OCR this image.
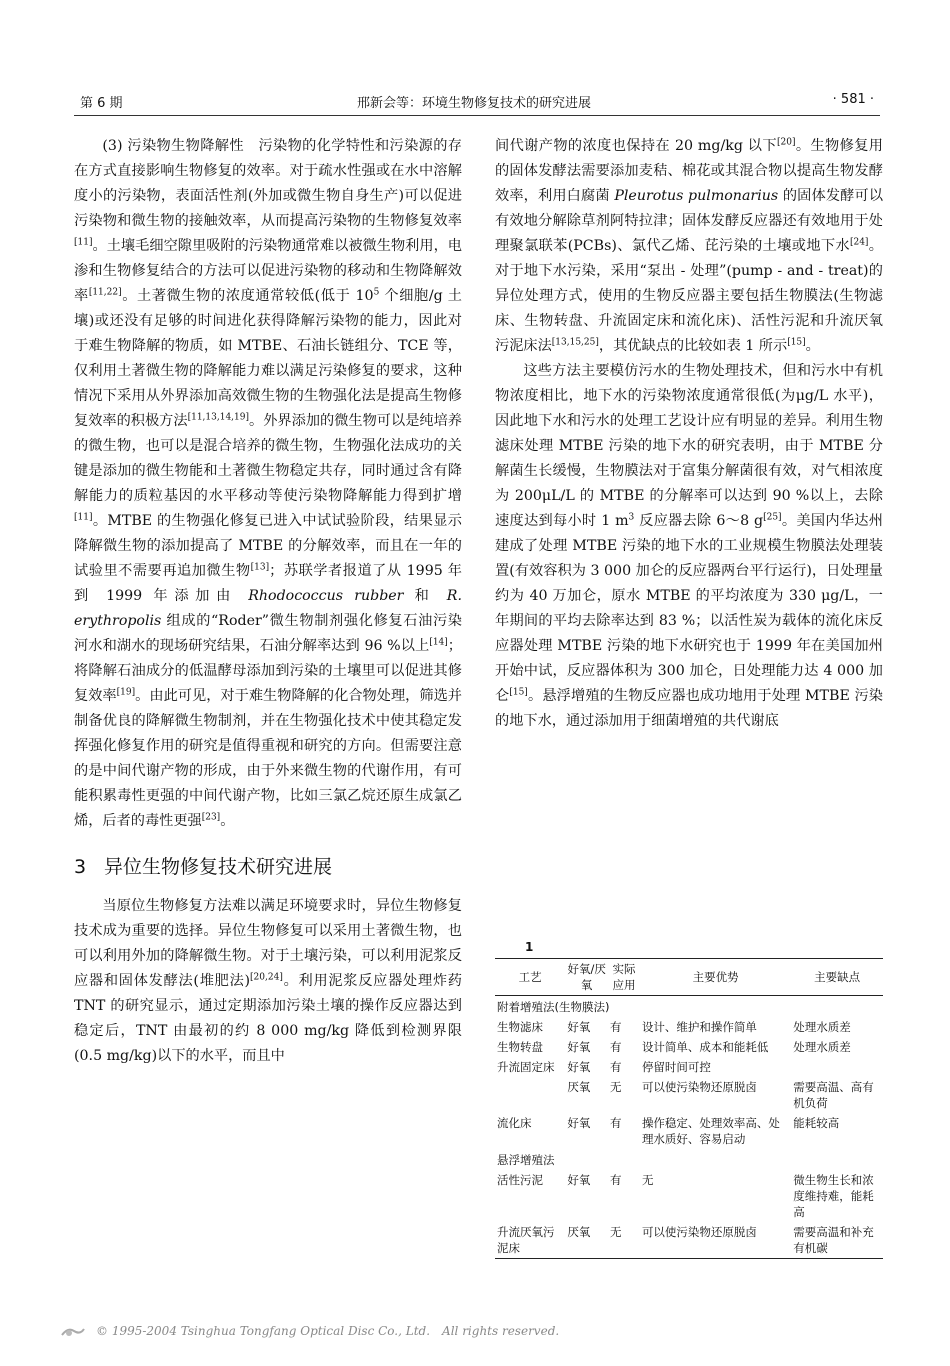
第 6 期	邢新会等：环境生物修复技术的研究进展	· 581 ·

(3) 污染物生物降解性　污染物的化学特性和污染源的存在方式直接影响生物修复的效率。对于疏水性强或在水中溶解度小的污染物，表面活性剂(外加或微生物自身生产)可以促进污染物和微生物的接触效率，从而提高污染物的生物修复效率[11]。土壤毛细空隙里吸附的污染物通常难以被微生物利用，电渗和生物修复结合的方法可以促进污染物的移动和生物降解效率[11,22]。土著微生物的浓度通常较低(低于 $10^5$ 个细胞/g 土壤)或还没有足够的时间进化获得降解污染物的能力，因此对于难生物降解的物质，如 MTBE、石油长链组分、TCE 等，仅利用土著微生物的降解能力难以满足污染修复的要求，这种情况下采用从外界添加高效微生物的生物强化法是提高生物修复效率的积极方法[11,13,14,19]。外界添加的微生物可以是纯培养的微生物，也可以是混合培养的微生物，生物强化法成功的关键是添加的微生物能和土著微生物稳定共存，同时通过含有降解能力的质粒基因的水平移动等使污染物降解能力得到扩增[11]。MTBE 的生物强化修复已进入中试试验阶段，结果显示降解微生物的添加提高了 MTBE 的分解效率，而且在一年的试验里不需要再追加微生物[13]；苏联学者报道了从 1995 年到 1999 年添加由 Rhodococcus rubber 和 R. erythropolis 组成的“Roder”微生物制剂强化修复石油污染河水和湖水的现场研究结果，石油分解率达到 96 %以上[14]；将降解石油成分的低温酵母添加到污染的土壤里可以促进其修复效率[19]。由此可见，对于难生物降解的化合物处理，筛选并制备优良的降解微生物制剂，并在生物强化技术中使其稳定发挥强化修复作用的研究是值得重视和研究的方向。但需要注意的是中间代谢产物的形成，由于外来微生物的代谢作用，有可能积累毒性更强的中间代谢产物，比如三氯乙烷还原生成氯乙烯，后者的毒性更强[23]。

3 异位生物修复技术研究进展

当原位生物修复方法难以满足环境要求时，异位生物修复技术成为重要的选择。异位生物修复可以采用土著微生物，也可以利用外加的降解微生物。对于土壤污染，可以利用泥浆反应器和固体发酵法(堆肥法)[20,24]。利用泥浆反应器处理炸药 TNT 的研究显示，通过定期添加污染土壤的操作反应器达到稳定后，TNT 由最初的约 8 000 mg/kg 降低到检测界限(0.5 mg/kg)以下的水平，而且中

间代谢产物的浓度也保持在 20 mg/kg 以下[20]。生物修复用的固体发酵法需要添加麦秸、棉花或其混合物以提高生物发酵效率，利用白腐菌 Pleurotus pulmonarius 的固体发酵可以有效地分解除草剂阿特拉津；固体发酵反应器还有效地用于处理聚氯联苯(PCBs)、氯代乙烯、芘污染的土壤或地下水[24]。对于地下水污染，采用“泵出 - 处理”(pump - and - treat)的异位处理方式，使用的生物反应器主要包括生物膜法(生物滤床、生物转盘、升流固定床和流化床)、活性污泥和升流厌氧污泥床法[13,15,25]，其优缺点的比较如表 1 所示[15]。

这些方法主要模仿污水的生物处理技术，但和污水中有机物浓度相比，地下水的污染物浓度通常很低(为μg/L 水平)，因此地下水和污水的处理工艺设计应有明显的差异。利用生物滤床处理 MTBE 污染的地下水的研究表明，由于 MTBE 分解菌生长缓慢，生物膜法对于富集分解菌很有效，对气相浓度为 200μL/L 的 MTBE 的分解率可以达到 90 %以上，去除速度达到每小时 1 $m^3$ 反应器去除 6～8 g[25]。美国内华达州建成了处理 MTBE 污染的地下水的工业规模生物膜法处理装置(有效容积为 3 000 加仑的反应器两台平行运行)，日处理量约为 40 万加仑，原水 MTBE 的平均浓度为 330 μg/L，一年期间的平均去除率达到 83 %；以活性炭为载体的流化床反应器处理 MTBE 污染的地下水研究也于 1999 年在美国加州开始中试，反应器体积为 300 加仑，日处理能力达 4 000 加仑[15]。悬浮增殖的生物反应器也成功地用于处理 MTBE 污染的地下水，通过添加用于细菌增殖的共代谢底

1
工艺	好氧/厌氧	实际应用	主要优势	主要缺点
附着增殖法(生物膜法)				
生物滤床	好氧	有	设计、维护和操作简单	处理水质差
生物转盘	好氧	有	设计简单、成本和能耗低	处理水质差
升流固定床	好氧	有	停留时间可控	
	厌氧	无	可以使污染物还原脱卤	需要高温、高有机负荷
流化床	好氧	有	操作稳定、处理效率高、处理水质好、容易启动	能耗较高
悬浮增殖法				
活性污泥	好氧	有	无	微生物生长和浓度维持难，能耗高
升流厌氧污泥床	厌氧	无	可以使污染物还原脱卤	需要高温和补充有机碳
© 1995-2004 Tsinghua Tongfang Optical Disc Co., Ltd.　All rights reserved.
